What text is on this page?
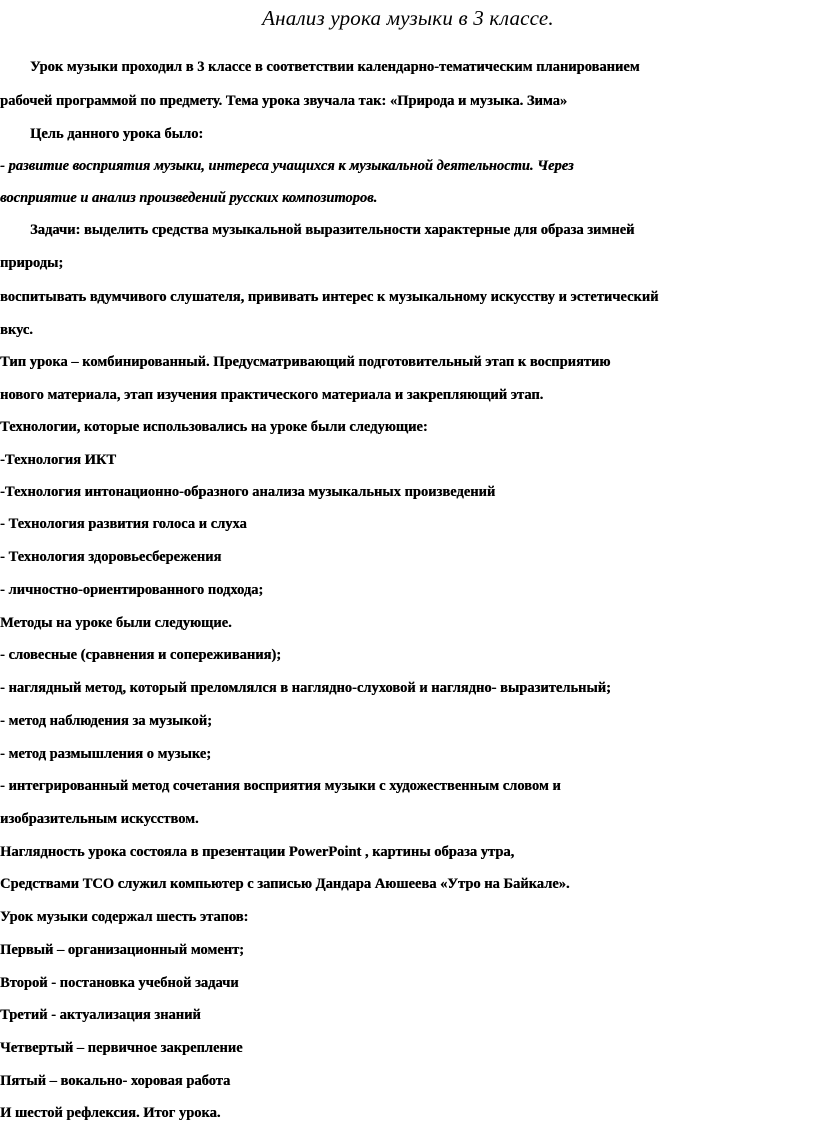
Анализ урока музыки в 3 классе.
Урок музыки проходил в 3 классе в соответствии календарно-тематическим планированием
рабочей программой по предмету. Тема урока звучала так: «Природа и музыка. Зима»
Цель данного урока было:
- развитие восприятия музыки, интереса учащихся к музыкальной деятельности. Через
восприятие и анализ произведений русских композиторов.
Задачи: выделить средства музыкальной выразительности характерные для образа зимней
природы;
воспитывать вдумчивого слушателя, прививать интерес к музыкальному искусству и эстетический
вкус.
Тип урока – комбинированный. Предусматривающий подготовительный этап к восприятию
нового материала, этап изучения практического материала и закрепляющий этап.
Технологии, которые использовались на уроке были следующие:
-Технология ИКТ
-Технология интонационно-образного анализа музыкальных произведений
- Технология развития голоса и слуха
- Технология здоровьесбережения
- личностно-ориентированного подхода;
Методы на уроке были следующие.
- словесные (сравнения и сопереживания);
- наглядный метод, который преломлялся в наглядно-слуховой и наглядно- выразительный;
- метод наблюдения за музыкой;
- метод размышления о музыке;
- интегрированный метод сочетания восприятия музыки с художественным словом и
изобразительным искусством.
Наглядность урока состояла в презентации PowerPoint , картины образа утра,
Средствами ТСО служил компьютер с записью Дандара Аюшеева «Утро на Байкале».
Урок музыки содержал шесть этапов:
Первый – организационный момент;
Второй - постановка учебной задачи
Третий - актуализация знаний
Четвертый – первичное закрепление
Пятый – вокально- хоровая работа
И шестой рефлексия. Итог урока.
